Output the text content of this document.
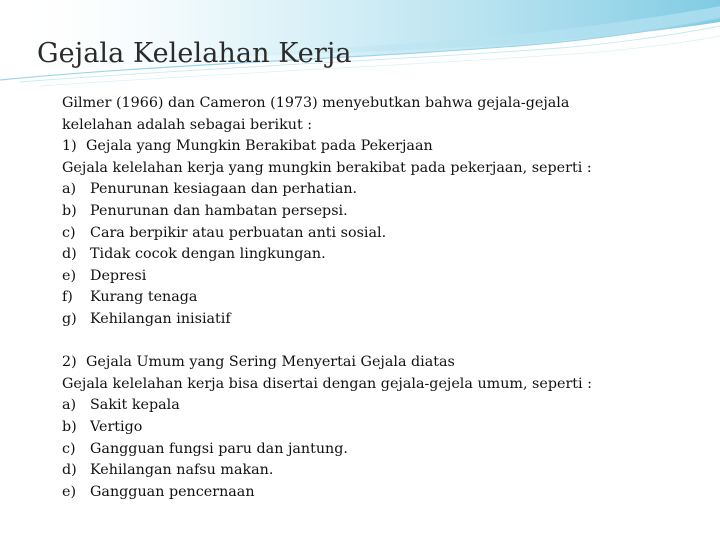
Gejala Kelelahan Kerja

Gilmer (1966) dan Cameron (1973) menyebutkan bahwa gejala-gejala

kelelahan adalah sebagai berikut :

1) Gejala yang Mungkin Berakibat pada Pekerjaan

Gejala kelelahan kerja yang mungkin berakibat pada pekerjaan, seperti :

a) Penurunan kesiagaan dan perhatian.

b) Penurunan dan hambatan persepsi.

c) Cara berpikir atau perbuatan anti sosial.

d) Tidak cocok dengan lingkungan.

e) Depresi

f) Kurang tenaga

g) Kehilangan inisiatif

2) Gejala Umum yang Sering Menyertai Gejala diatas

Gejala kelelahan kerja bisa disertai dengan gejala-gejela umum, seperti :

a) Sakit kepala

b) Vertigo

c) Gangguan fungsi paru dan jantung.

d) Kehilangan nafsu makan.

e) Gangguan pencernaan
